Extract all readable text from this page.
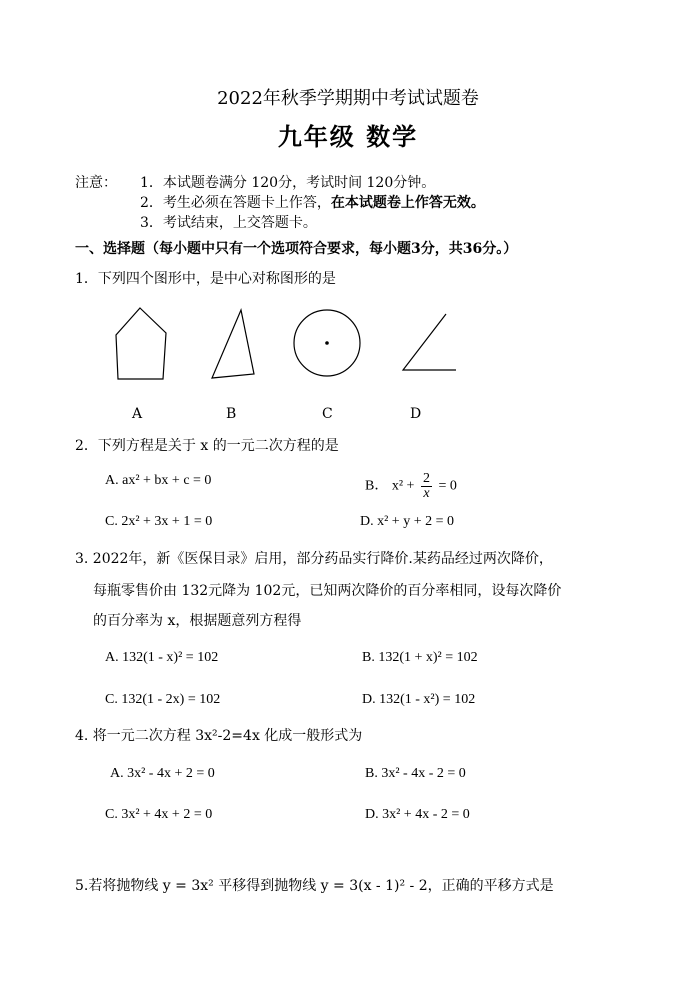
2022年秋季学期期中考试试题卷
九年级 数学
注意： 1．本试题卷满分 120分，考试时间 120分钟。
2．考生必须在答题卡上作答，在本试题卷上作答无效。
3．考试结束，上交答题卡。
一、选择题（每小题中只有一个选项符合要求，每小题3分，共36分。）
1．下列四个图形中，是中心对称图形的是
A	B	C	D
2．下列方程是关于 x 的一元二次方程的是
A. ax² + bx + c = 0	B． $x^2 + \frac{2}{x} = 0$
C. 2x² + 3x + 1 = 0	D. x² + y + 2 = 0
3. 2022年，新《医保目录》启用，部分药品实行降价.某药品经过两次降价，
每瓶零售价由 132元降为 102元，已知两次降价的百分率相同，设每次降价
的百分率为 x，根据题意列方程得
A. 132(1 - x)² = 102	B. 132(1 + x)² = 102
C. 132(1 - 2x) = 102	D. 132(1 - x²) = 102
4. 将一元二次方程 3x²-2=4x 化成一般形式为
A. 3x² - 4x + 2 = 0	B. 3x² - 4x - 2 = 0
C. 3x² + 4x + 2 = 0	D. 3x² + 4x - 2 = 0
5.若将抛物线 y = 3x² 平移得到抛物线 y = 3(x - 1)² - 2，正确的平移方式是
